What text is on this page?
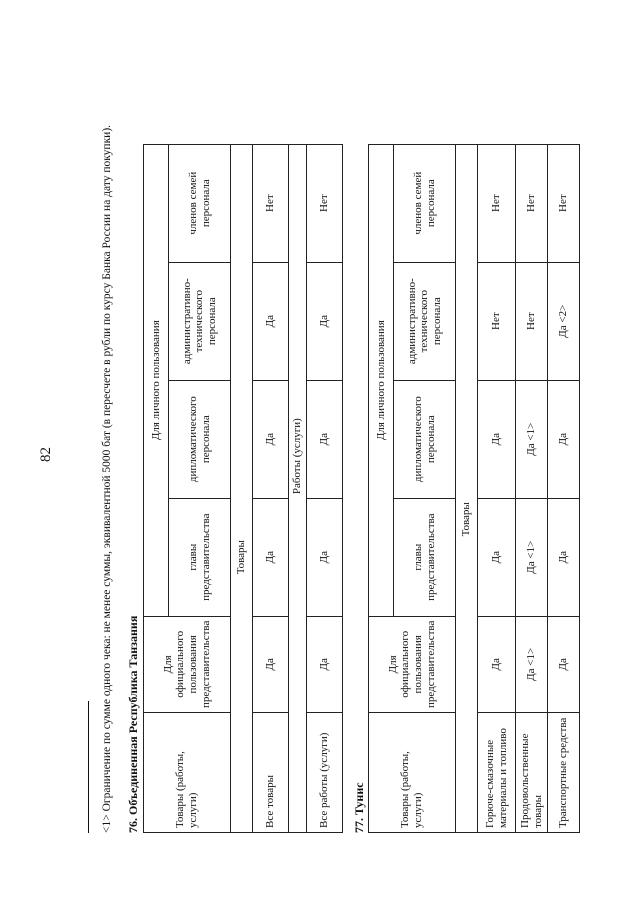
82	<1> Ограничение по сумме одного чека: не менее суммы, эквивалентной 5000 бат (в пересчете в рубли по курсу Банка России на дату покупки). 76. Объединенная Республика Танзания	Товары (работы, услуги)	Для официального пользования представительства	Для личного пользования			
		главы представительства	дипломатического персонала	административно-технического персонала	членов семей персонала
		Товары			
Все товары	Да	Да	Да	Да	Нет
			Работы (услуги)		
Все работы (услуги)	Да	Да	Да	Да	Нет
77. Тунис	Товары (работы, услуги)	Для официального пользования представительства	Для личного пользования			
		главы представительства	дипломатического персонала	административно-технического персонала	членов семей персонала
		Товары			
Горюче-смазочные материалы и топливо	Да	Да	Да	Нет	Нет
Продовольственные товары	Да <1>	Да <1>	Да <1>	Нет	Нет
Транспортные средства	Да	Да	Да	Да <2>	Нет
